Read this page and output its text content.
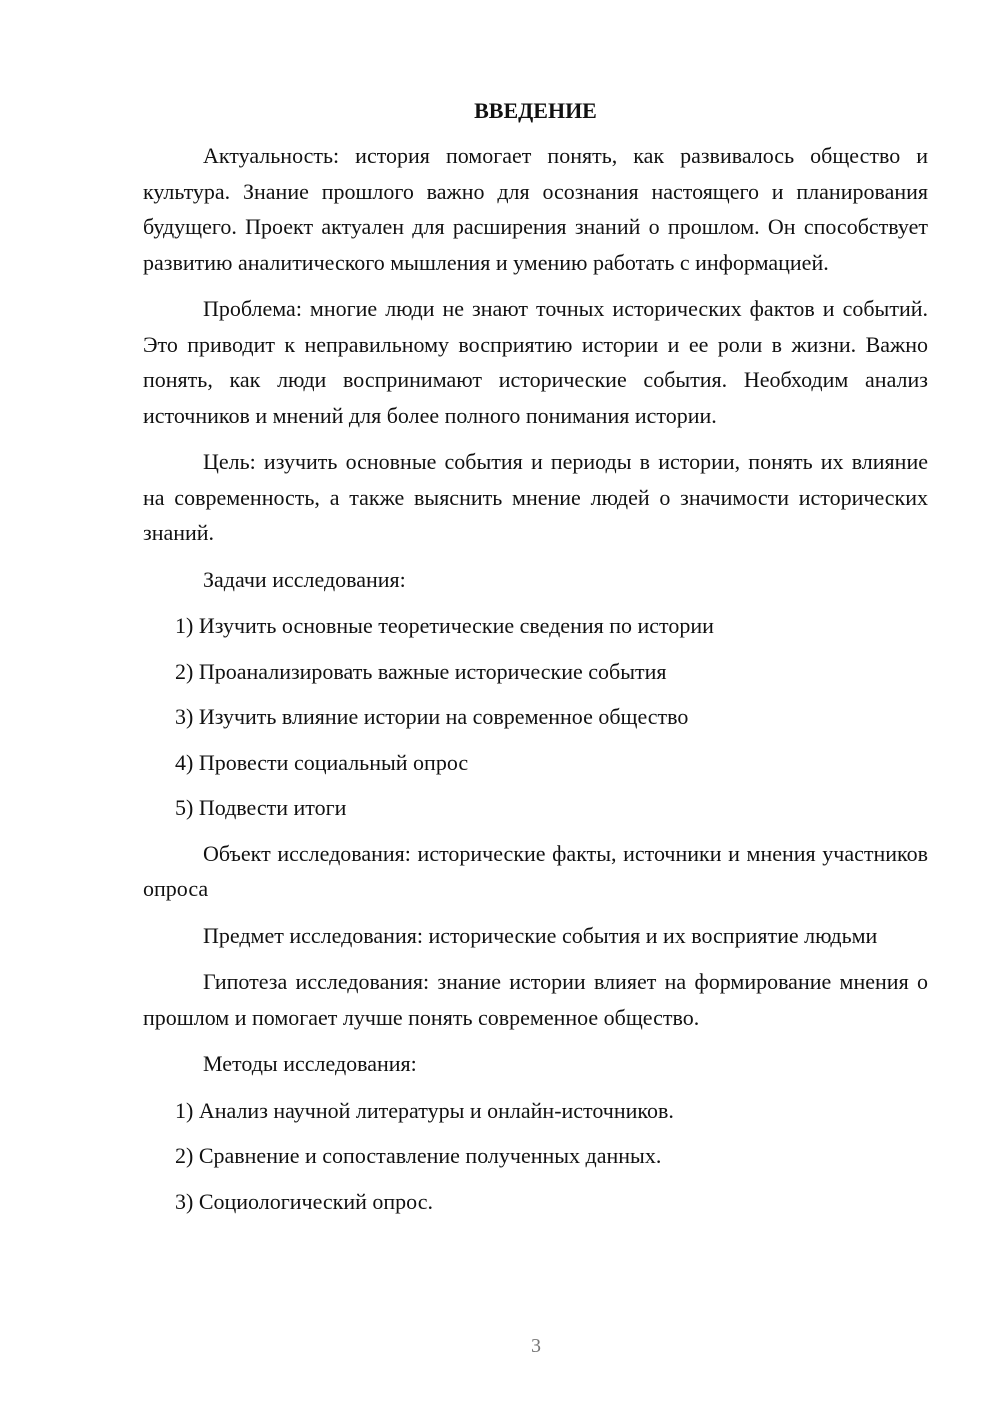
ВВЕДЕНИЕ

Актуальность: история помогает понять, как развивалось общество и культура. Знание прошлого важно для осознания настоящего и планирования будущего. Проект актуален для расширения знаний о прошлом. Он способствует развитию аналитического мышления и умению работать с информацией.

Проблема: многие люди не знают точных исторических фактов и событий. Это приводит к неправильному восприятию истории и ее роли в жизни. Важно понять, как люди воспринимают исторические события. Необходим анализ источников и мнений для более полного понимания истории.

Цель: изучить основные события и периоды в истории, понять их влияние на современность, а также выяснить мнение людей о значимости исторических знаний.

Задачи исследования:

1) Изучить основные теоретические сведения по истории
2) Проанализировать важные исторические события
3) Изучить влияние истории на современное общество
4) Провести социальный опрос
5) Подвести итоги

Объект исследования: исторические факты, источники и мнения участников опроса

Предмет исследования: исторические события и их восприятие людьми

Гипотеза исследования: знание истории влияет на формирование мнения о прошлом и помогает лучше понять современное общество.

Методы исследования:

1) Анализ научной литературы и онлайн-источников.
2) Сравнение и сопоставление полученных данных.
3) Социологический опрос.
3
